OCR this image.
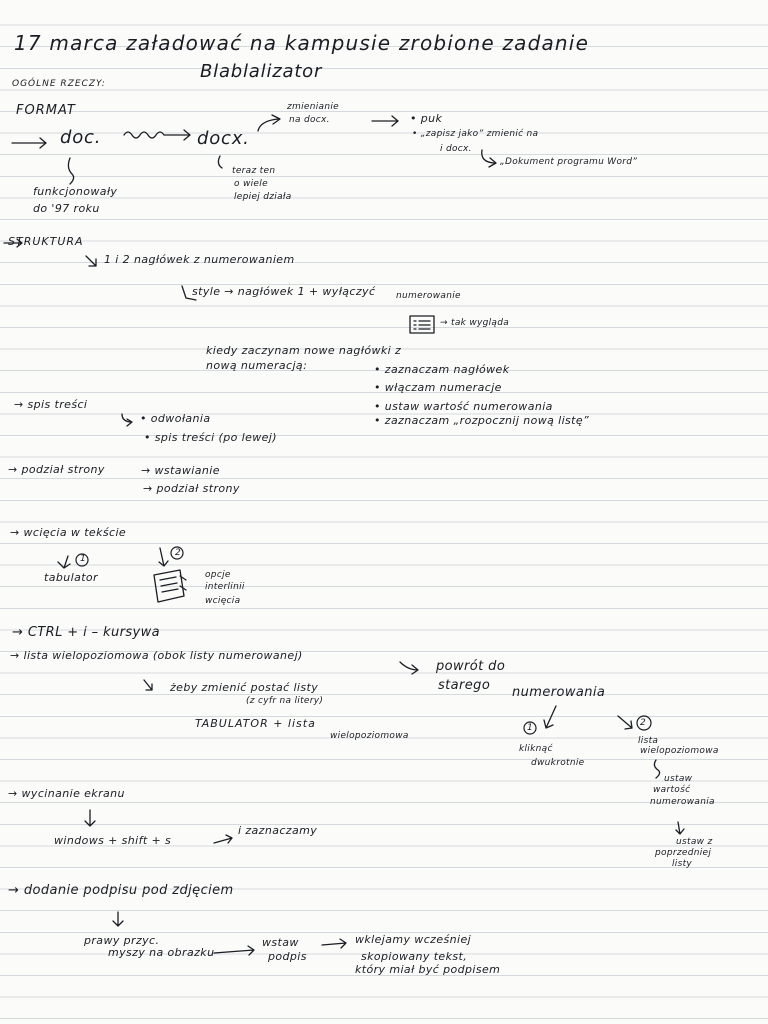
17 marca załadować na kampusie zrobione zadanie
OGÓLNE RZECZY:
Blablalizator
FORMAT
doc.	docx.
zmienianie
na docx.	• puk
• „zapisz jako” zmienić na
i docx.
„Dokument programu Word”
funkcjonowały
do '97 roku
teraz ten
o wiele
lepiej działa
STRUKTURA
1 i 2 nagłówek z numerowaniem
style → nagłówek 1 + wyłączyć numerowanie
→ tak wygląda
kiedy zaczynam nowe nagłówki z
nową numeracją:	• zaznaczam nagłówek
• włączam numeracje
• ustaw wartość numerowania
• zaznaczam „rozpocznij nową listę”
→ spis treści
• odwołania
• spis treści (po lewej)
→ podział strony	→ wstawianie
→ podział strony
→ wcięcia w tekście
1
2
tabulator	opcje
interlinii
wcięcia
→ CTRL + i – kursywa
→ lista wielopoziomowa (obok listy numerowanej)
żeby zmienić postać listy
(z cyfr na litery)
TABULATOR + lista
wielopoziomowa
powrót do
starego numerowania
1	2
kliknąć
dwukrotnie
lista
wielopoziomowa
ustaw
wartość
numerowania
ustaw z
poprzedniej
listy
→ wycinanie ekranu
windows + shift + s
i zaznaczamy
→ dodanie podpisu pod zdjęciem
prawy przyc.
myszy na obrazku
wstaw
podpis
wklejamy wcześniej
skopiowany tekst,
który miał być podpisem
